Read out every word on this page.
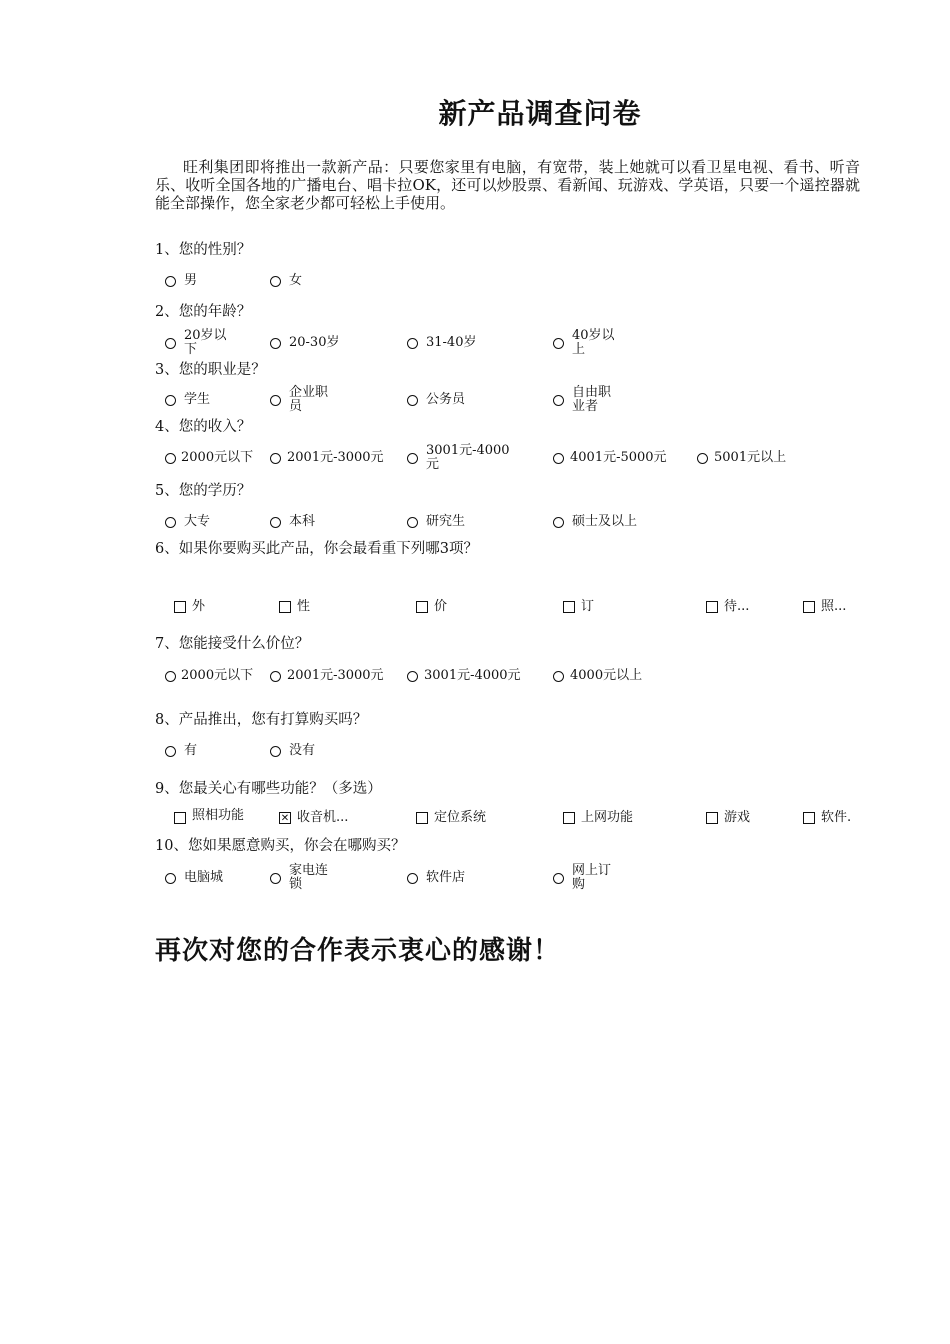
新产品调查问卷
旺利集团即将推出一款新产品：只要您家里有电脑，有宽带，装上她就可以看卫星电视、看书、听音乐、收听全国各地的广播电台、唱卡拉OK，还可以炒股票、看新闻、玩游戏、学英语，只要一个遥控器就能全部操作，您全家老少都可轻松上手使用。
1、您的性别？
男	女
2、您的年龄？
20岁以下	20-30岁	31-40岁	40岁以上
3、您的职业是？
学生	企业职员	公务员	自由职业者
4、您的收入？
2000元以下	2001元-3000元	3001元-4000元	4001元-5000元	5001元以上
5、您的学历？
大专	本科	研究生	硕士及以上
6、如果你要购买此产品，你会最看重下列哪3项？
外	性	价	订	待...	照...
7、您能接受什么价位？
2000元以下	2001元-3000元	3001元-4000元	4000元以上
8、产品推出，您有打算购买吗？
有	没有
9、您最关心有哪些功能？（多选）
照相功能
✕	收音机...	定位系统	上网功能	游戏	软件.
10、您如果愿意购买，你会在哪购买？
电脑城	家电连锁	软件店	网上订购
再次对您的合作表示衷心的感谢！
